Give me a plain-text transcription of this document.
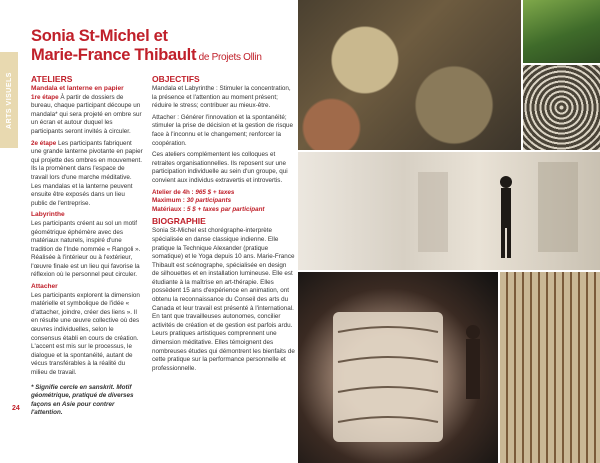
ARTS VISUELS
Sonia St-Michel et
Marie-France Thibault de Projets Ollin
ATELIERS
Mandala et lanterne en papier

1re étape À partir de dossiers de bureau, chaque participant découpe un mandala* qui sera projeté en ombre sur un écran et autour duquel les participants seront invités à circuler.

2e étape Les participants fabriquent une grande lanterne pivotante en papier qui projette des ombres en mouvement. Ils la promènent dans l'espace de travail lors d'une marche méditative. Les mandalas et la lanterne peuvent ensuite être exposés dans un lieu public de l'entreprise.

Labyrinthe

Les participants créent au sol un motif géométrique éphémère avec des matériaux naturels, inspiré d'une tradition de l'Inde nommée « Rangoli ». Réalisée à l'intérieur ou à l'extérieur, l'œuvre finale est un lieu qui favorise la réflexion où le personnel peut circuler.

Attacher

Les participants explorent la dimension matérielle et symbolique de l'idée « d'attacher, joindre, créer des liens ». Il en résulte une œuvre collective où des œuvres individuelles, selon le consensus établi en cours de création. L'accent est mis sur le processus, le dialogue et la spontanéité, autant de vécus transférables à la réalité du milieu de travail.

* Signifie cercle en sanskrit. Motif géométrique, pratiqué de diverses façons en Asie pour contrer l'attention.

OBJECTIFS

Mandala et Labyrinthe : Stimuler la concentration, la présence et l'attention au moment présent; réduire le stress; contribuer au mieux-être.

Attacher : Générer l'innovation et la spontanéité; stimuler la prise de décision et la gestion de risque face à l'inconnu et le changement; renforcer la coopération.

Ces ateliers complémentent les colloques et retraites organisationnelles. Ils reposent sur une participation individuelle au sein d'un groupe, qui convient aux individus extravertis et introvertis.

Atelier de 4h : 965 $ + taxes
Maximum : 30 participants
Matériaux : 5 $ + taxes par participant
BIOGRAPHIE

Sonia St-Michel est chorégraphe-interprète spécialisée en danse classique indienne. Elle pratique la Technique Alexander (pratique somatique) et le Yoga depuis 10 ans. Marie-France Thibault est scénographe, spécialisée en design de silhouettes et en installation lumineuse. Elle est étudiante à la maîtrise en art-thérapie. Elles possèdent 15 ans d'expérience en animation, ont obtenu la reconnaissance du Conseil des arts du Canada et leur travail est présenté à l'international. En tant que travailleuses autonomes, concilier activités de création et de gestion est parfois ardu. Leurs pratiques artistiques comprennent une dimension méditative. Elles témoignent des nombreuses études qui démontrent les bienfaits de cette pratique sur la performance personnelle et professionnelle.

24
